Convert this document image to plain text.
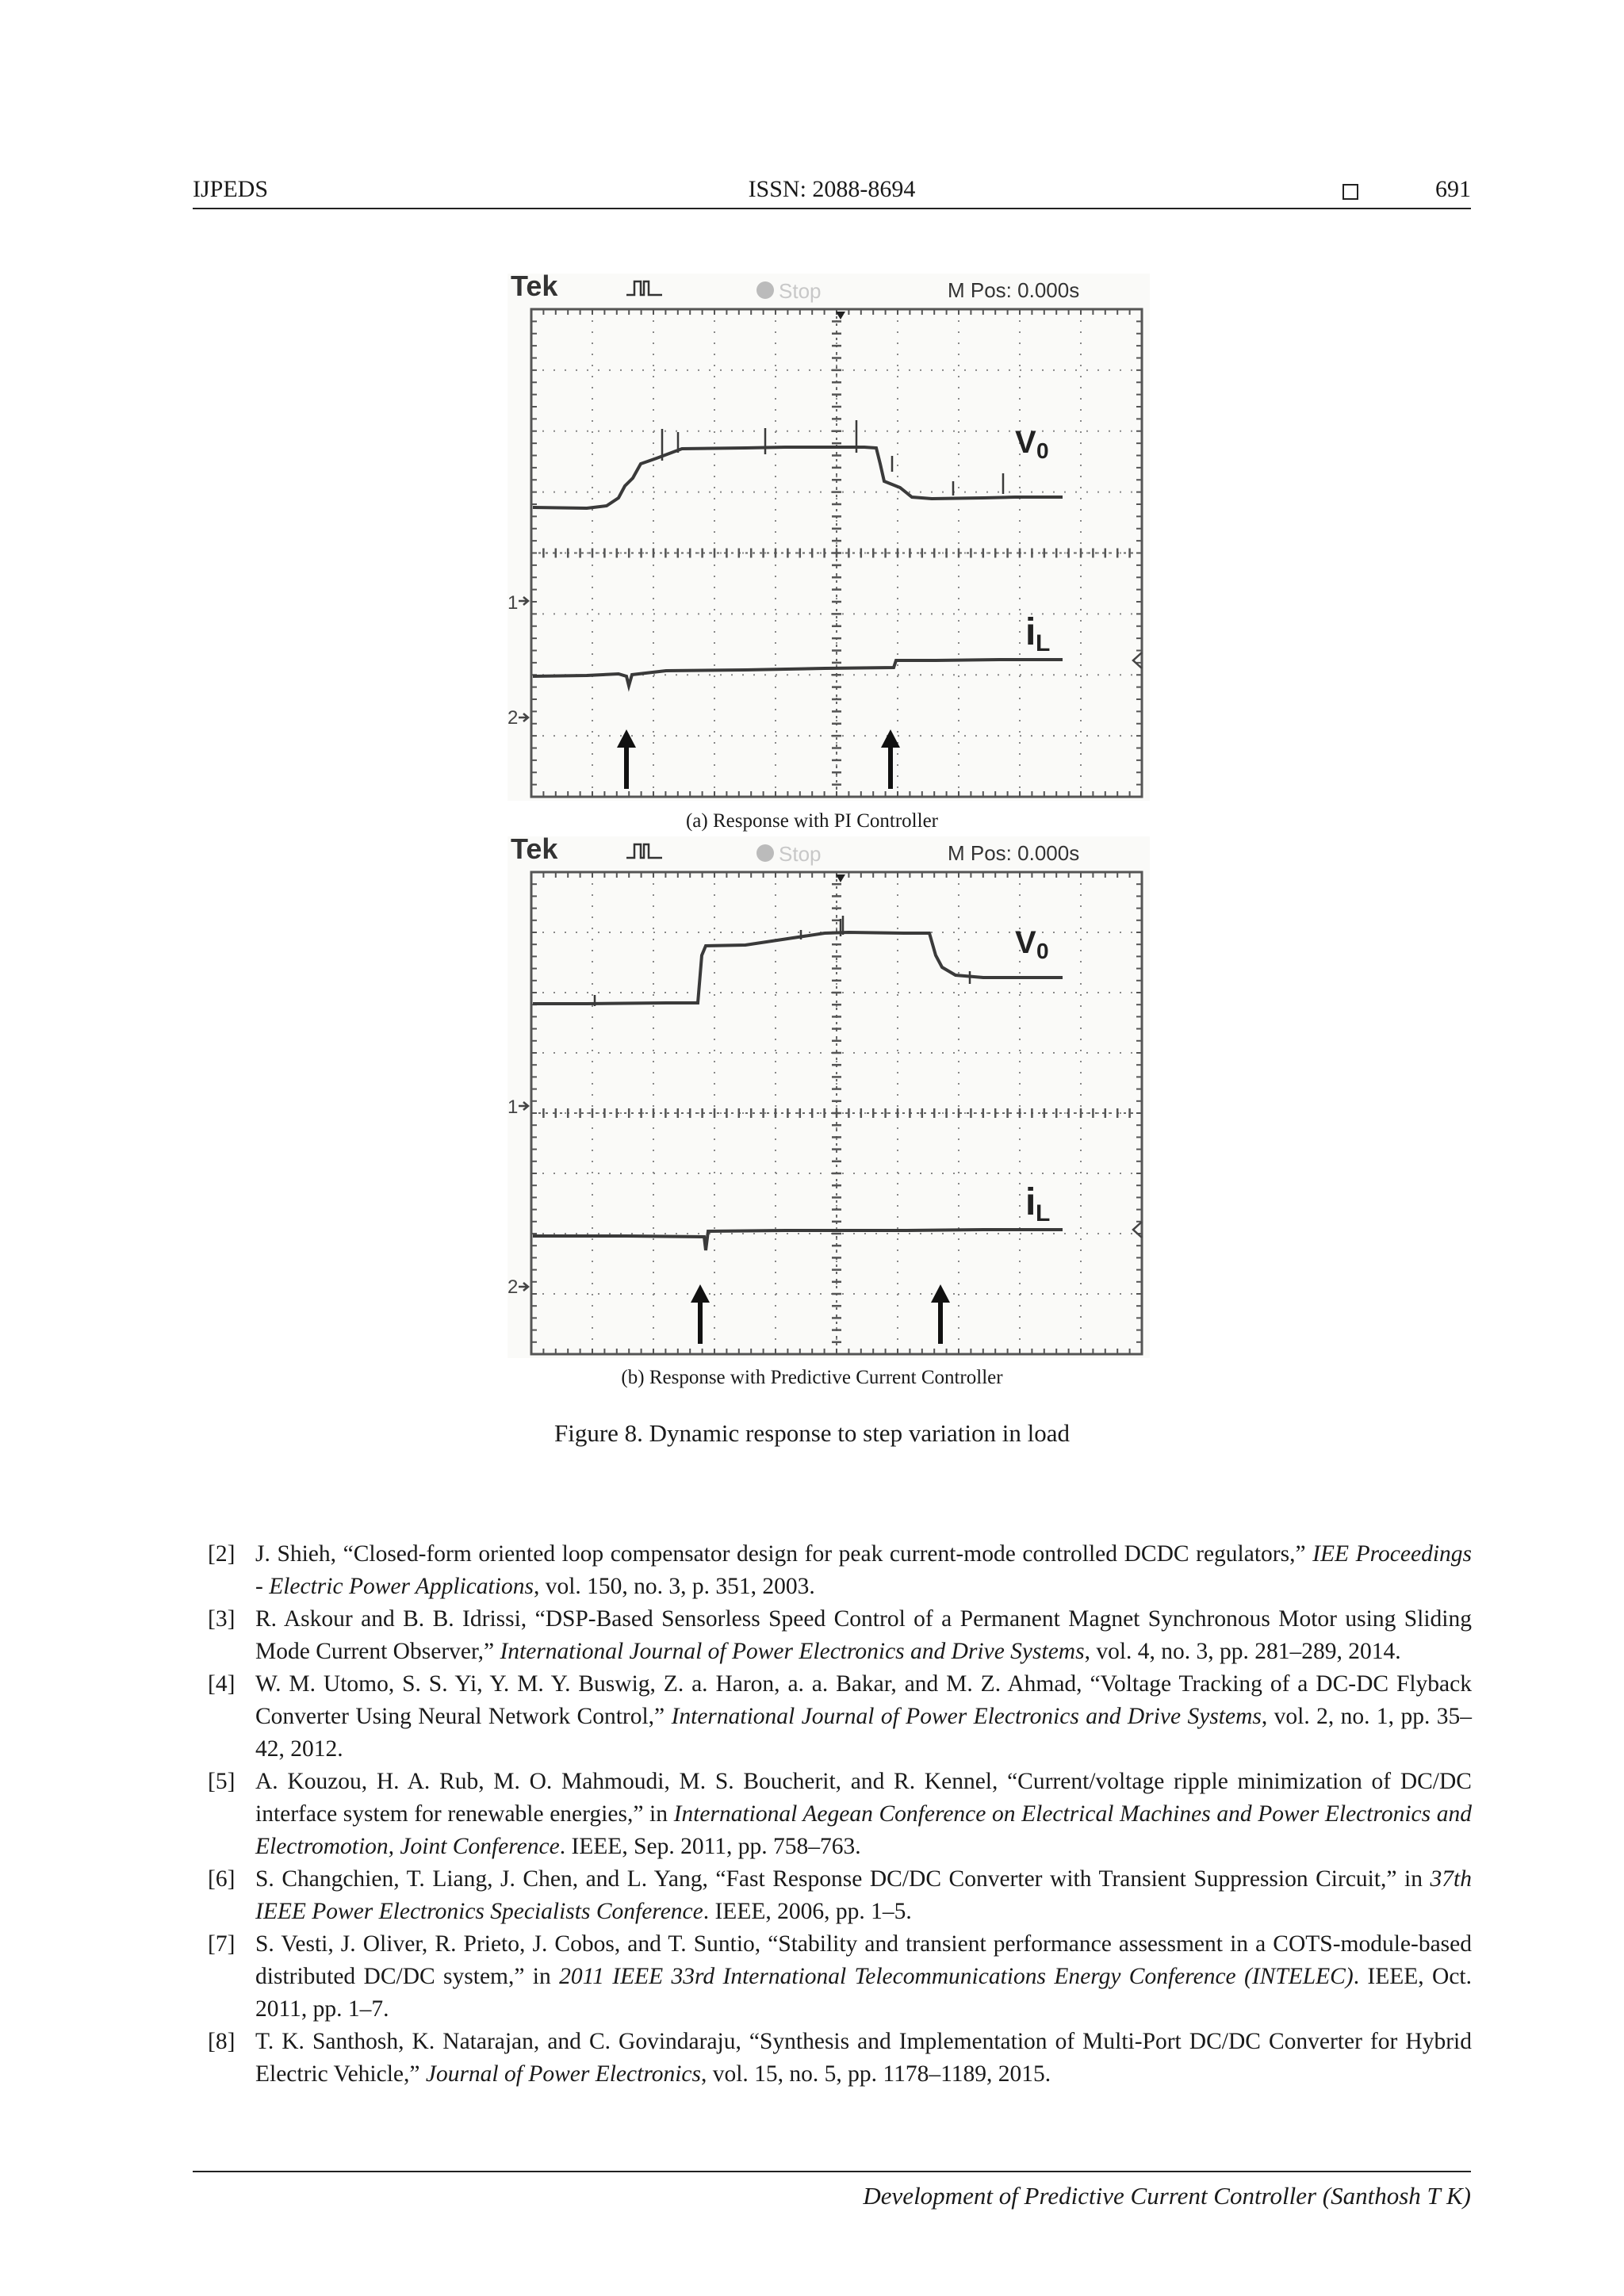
IJPEDS	ISSN: 2088-8694	691
Tek	Stop	M Pos: 0.000s
V 0
i L
1
2
(a) Response with PI Controller
Tek	Stop	M Pos: 0.000s
V 0
i L
1
2
(b) Response with Predictive Current Controller
Figure 8. Dynamic response to step variation in load
[2] J. Shieh, “Closed-form oriented loop compensator design for peak current-mode controlled DCDC regulators,” IEE Proceedings - Electric Power Applications, vol. 150, no. 3, p. 351, 2003.
[3] R. Askour and B. B. Idrissi, “DSP-Based Sensorless Speed Control of a Permanent Magnet Synchronous Motor using Sliding Mode Current Observer,” International Journal of Power Electronics and Drive Systems, vol. 4, no. 3, pp. 281–289, 2014.
[4] W. M. Utomo, S. S. Yi, Y. M. Y. Buswig, Z. a. Haron, a. a. Bakar, and M. Z. Ahmad, “Voltage Tracking of a DC-DC Flyback Converter Using Neural Network Control,” International Journal of Power Electronics and Drive Systems, vol. 2, no. 1, pp. 35–42, 2012.
[5] A. Kouzou, H. A. Rub, M. O. Mahmoudi, M. S. Boucherit, and R. Kennel, “Current/voltage ripple minimization of DC/DC interface system for renewable energies,” in International Aegean Conference on Electrical Machines and Power Electronics and Electromotion, Joint Conference. IEEE, Sep. 2011, pp. 758–763.
[6] S. Changchien, T. Liang, J. Chen, and L. Yang, “Fast Response DC/DC Converter with Transient Suppression Circuit,” in 37th IEEE Power Electronics Specialists Conference. IEEE, 2006, pp. 1–5.
[7] S. Vesti, J. Oliver, R. Prieto, J. Cobos, and T. Suntio, “Stability and transient performance assessment in a COTS-module-based distributed DC/DC system,” in 2011 IEEE 33rd International Telecommunications Energy Conference (INTELEC). IEEE, Oct. 2011, pp. 1–7.
[8] T. K. Santhosh, K. Natarajan, and C. Govindaraju, “Synthesis and Implementation of Multi-Port DC/DC Converter for Hybrid Electric Vehicle,” Journal of Power Electronics, vol. 15, no. 5, pp. 1178–1189, 2015.
Development of Predictive Current Controller (Santhosh T K)
